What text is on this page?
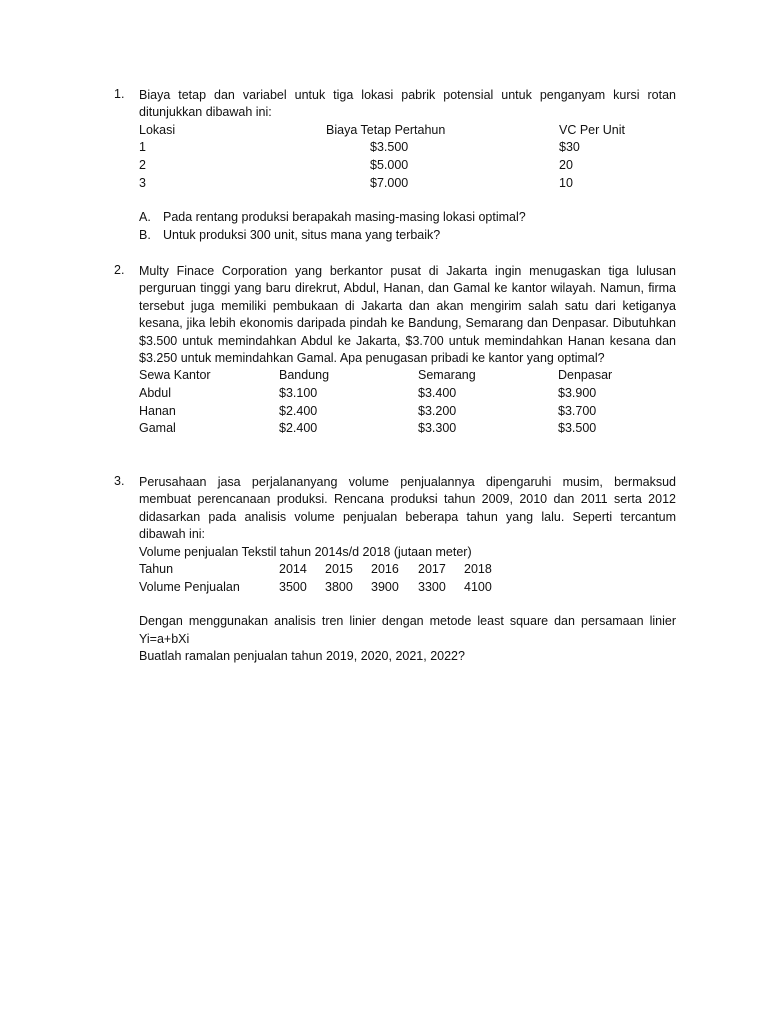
1. Biaya tetap dan variabel untuk tiga lokasi pabrik potensial untuk penganyam kursi rotan ditunjukkan dibawah ini:

Lokasi	Biaya Tetap Pertahun	VC Per Unit
1	$3.500	$30
2	$5.000	20
3	$7.000	10
A. Pada rentang produksi berapakah masing-masing lokasi optimal?
B. Untuk produksi 300 unit, situs mana yang terbaik?
2. Multy Finace Corporation yang berkantor pusat di Jakarta ingin menugaskan tiga lulusan perguruan tinggi yang baru direkrut, Abdul, Hanan, dan Gamal ke kantor wilayah. Namun, firma tersebut juga memiliki pembukaan di Jakarta dan akan mengirim salah satu dari ketiganya kesana, jika lebih ekonomis daripada pindah ke Bandung, Semarang dan Denpasar. Dibutuhkan $3.500 untuk memindahkan Abdul ke Jakarta, $3.700 untuk memindahkan Hanan kesana dan $3.250 untuk memindahkan Gamal. Apa penugasan pribadi ke kantor yang optimal?

Sewa Kantor	Bandung	Semarang	Denpasar
Abdul	$3.100	$3.400	$3.900
Hanan	$2.400	$3.200	$3.700
Gamal	$2.400	$3.300	$3.500
3. Perusahaan jasa perjalananyang volume penjualannya dipengaruhi musim, bermaksud membuat perencanaan produksi. Rencana produksi tahun 2009, 2010 dan 2011 serta 2012 didasarkan pada analisis volume penjualan beberapa tahun yang lalu. Seperti tercantum dibawah ini:

Volume penjualan Tekstil tahun 2014s/d 2018 (jutaan meter)
Tahun	2014 2015 2016 2017 2018
Volume Penjualan	3500 3800 3900 3300 4100

Dengan menggunakan analisis tren linier dengan metode least square dan persamaan linier Yi=a+bXi

Buatlah ramalan penjualan tahun 2019, 2020, 2021, 2022?
